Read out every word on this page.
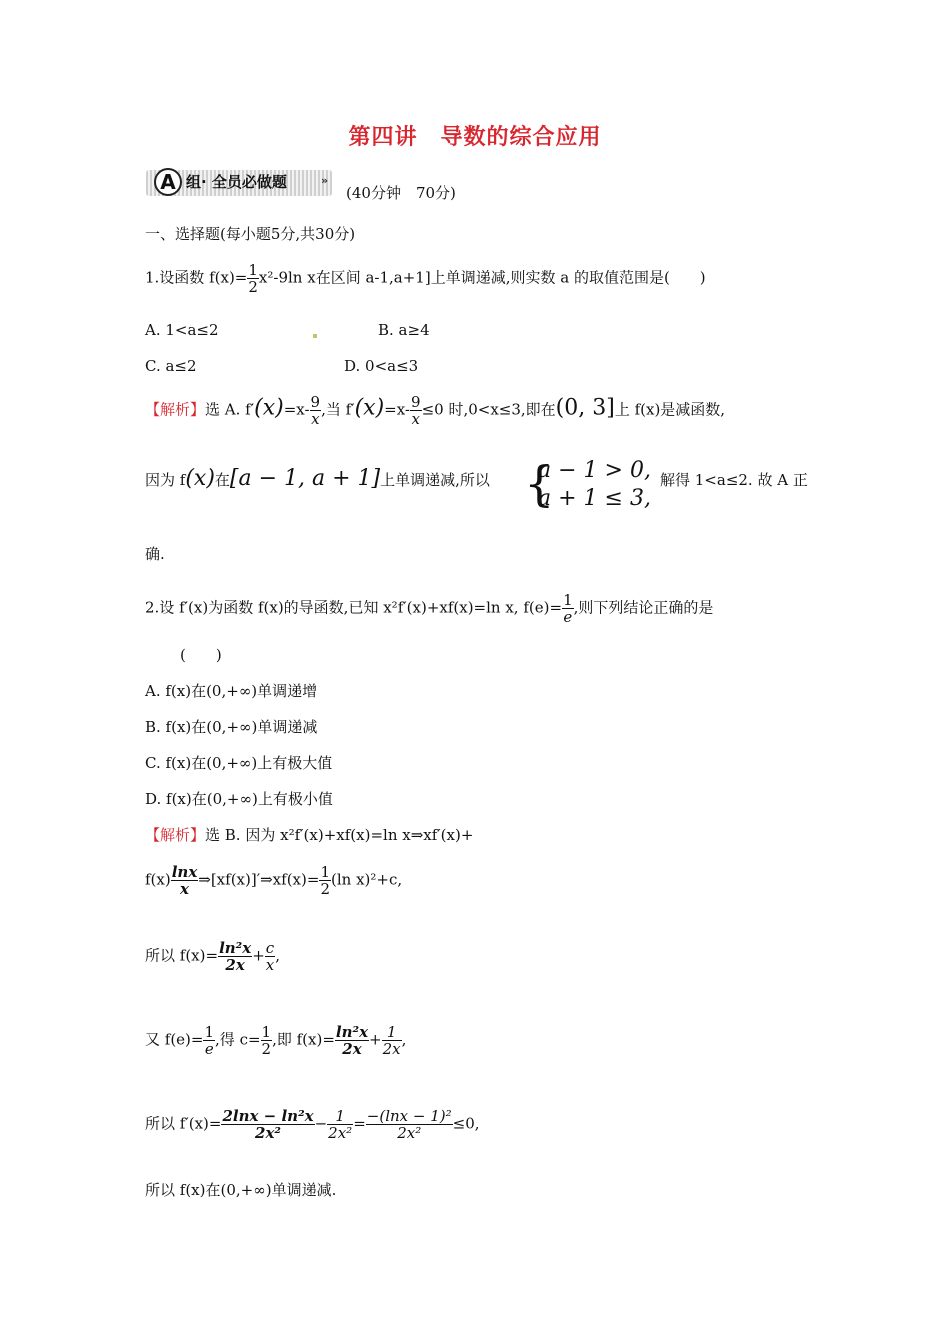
第四讲　导数的综合应用
A 组· 全员必做题	»
(40分钟　70分)
一、选择题(每小题5分,共30分)
1.设函数 $f(x)= \frac{1}{2} x^2-9\ln$ x在区间 a-1,a+1]上单调递减,则实数 a 的取值范围是(　　)
A. 1<a≤2	B. a≥4
C. a≤2	D. 0<a≤3
【解析】选 A. $f'(x)=x- \frac{9}{x}$ ,当 $f'(x)=x- \frac{9}{x} \le 0$ 时,0<x≤3,即在(0, 3]上 f(x)是减函数,
因为 f(x)在[a − 1, a + 1]上单调递减,所以 {
a − 1 > 0,
a + 1 ≤ 3,
解得 1<a≤2. 故 A 正
确.
2.设 f′(x)为函数 f(x)的导函数,已知 x²f′(x)+xf(x)=ln x, $f(e)= \frac{1}{e}$ ,则下列结论正确的是
(　　)
A. f(x)在(0,+∞)单调递增
B. f(x)在(0,+∞)单调递减
C. f(x)在(0,+∞)上有极大值
D. f(x)在(0,+∞)上有极小值
【解析】选 B. 因为 x²f′(x)+xf(x)=ln x⇒xf′(x)+
$f(x) \frac{\ln x}{x}$ ⇒[xf(x)]′⇒xf(x)= $\frac{1}{2} (\ln$ x)²+c,
所以 $f(x)= \frac{\text{ln²x}}{2x} + \frac{c}{x}$ ,
又 $f(e)= \frac{1}{e}$ ,得 $c= \frac{1}{2}$ ,即 $f(x)= \frac{\text{ln²x}}{2x} + \frac{1}{2x}$ ,
所以 $f'(x)= \frac{\text{2lnx − ln²x}}{\text{2x²}} - \frac{1}{\text{2x²}} = \frac{\text{−(lnx − 1)²}}{\text{2x²}} \le 0$,
所以 f(x)在(0,+∞)单调递减.
